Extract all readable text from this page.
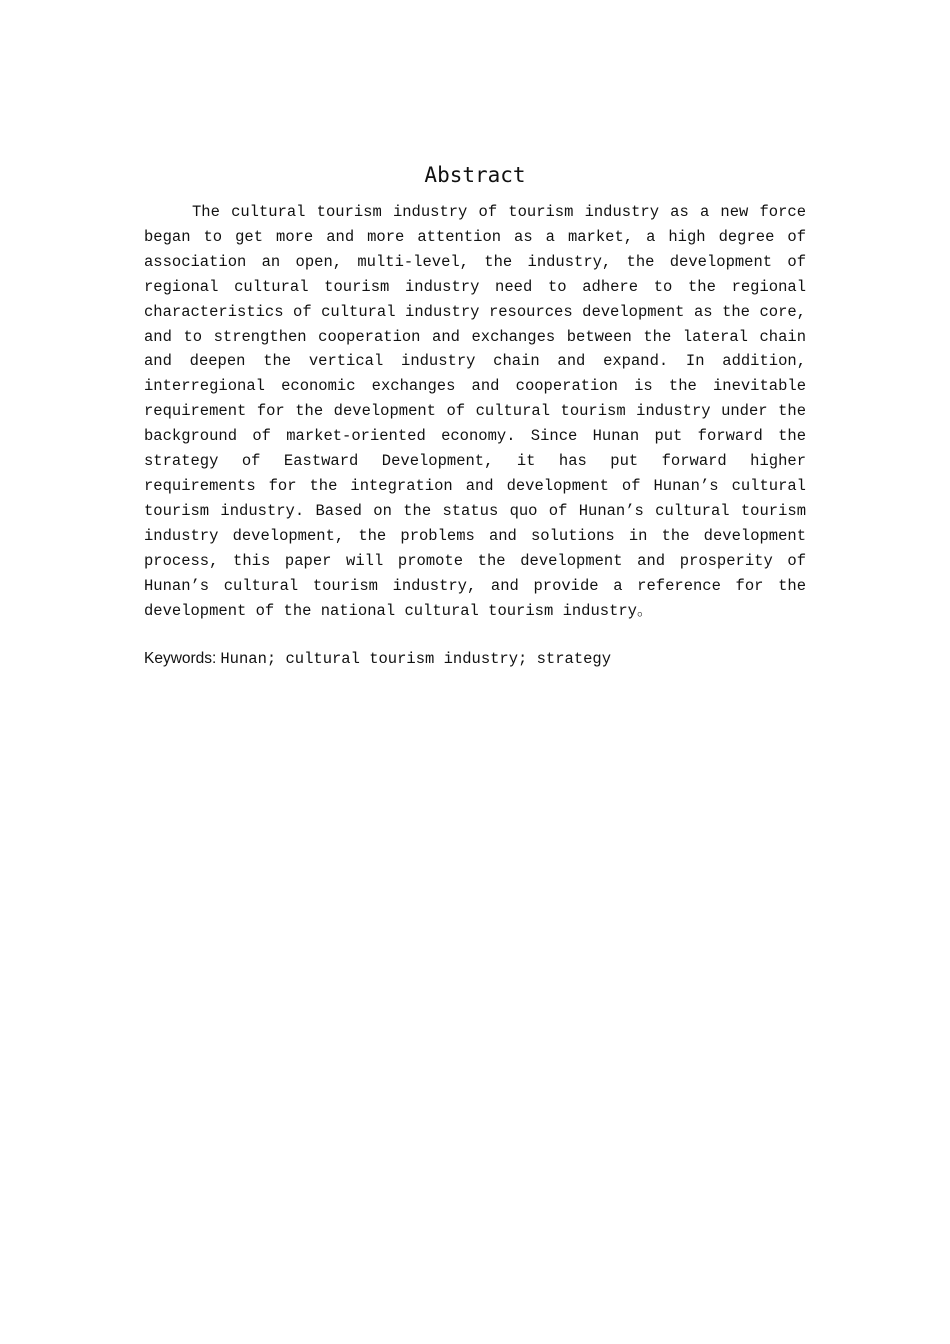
Abstract

The cultural tourism industry of tourism industry as a new force began to get more and more attention as a market, a high degree of association an open, multi-level, the industry, the development of regional cultural tourism industry need to adhere to the regional characteristics of cultural industry resources development as the core, and to strengthen cooperation and exchanges between the lateral chain and deepen the vertical industry chain and expand. In addition, interregional economic exchanges and cooperation is the inevitable requirement for the development of cultural tourism industry under the background of market-oriented economy. Since Hunan put forward the strategy of Eastward Development, it has put forward higher requirements for the integration and development of Hunan’s cultural tourism industry. Based on the status quo of Hunan’s cultural tourism industry development, the problems and solutions in the development process, this paper will promote the development and prosperity of Hunan’s cultural tourism industry, and provide a reference for the development of the national cultural tourism industry。

Keywords: Hunan; cultural tourism industry; strategy
